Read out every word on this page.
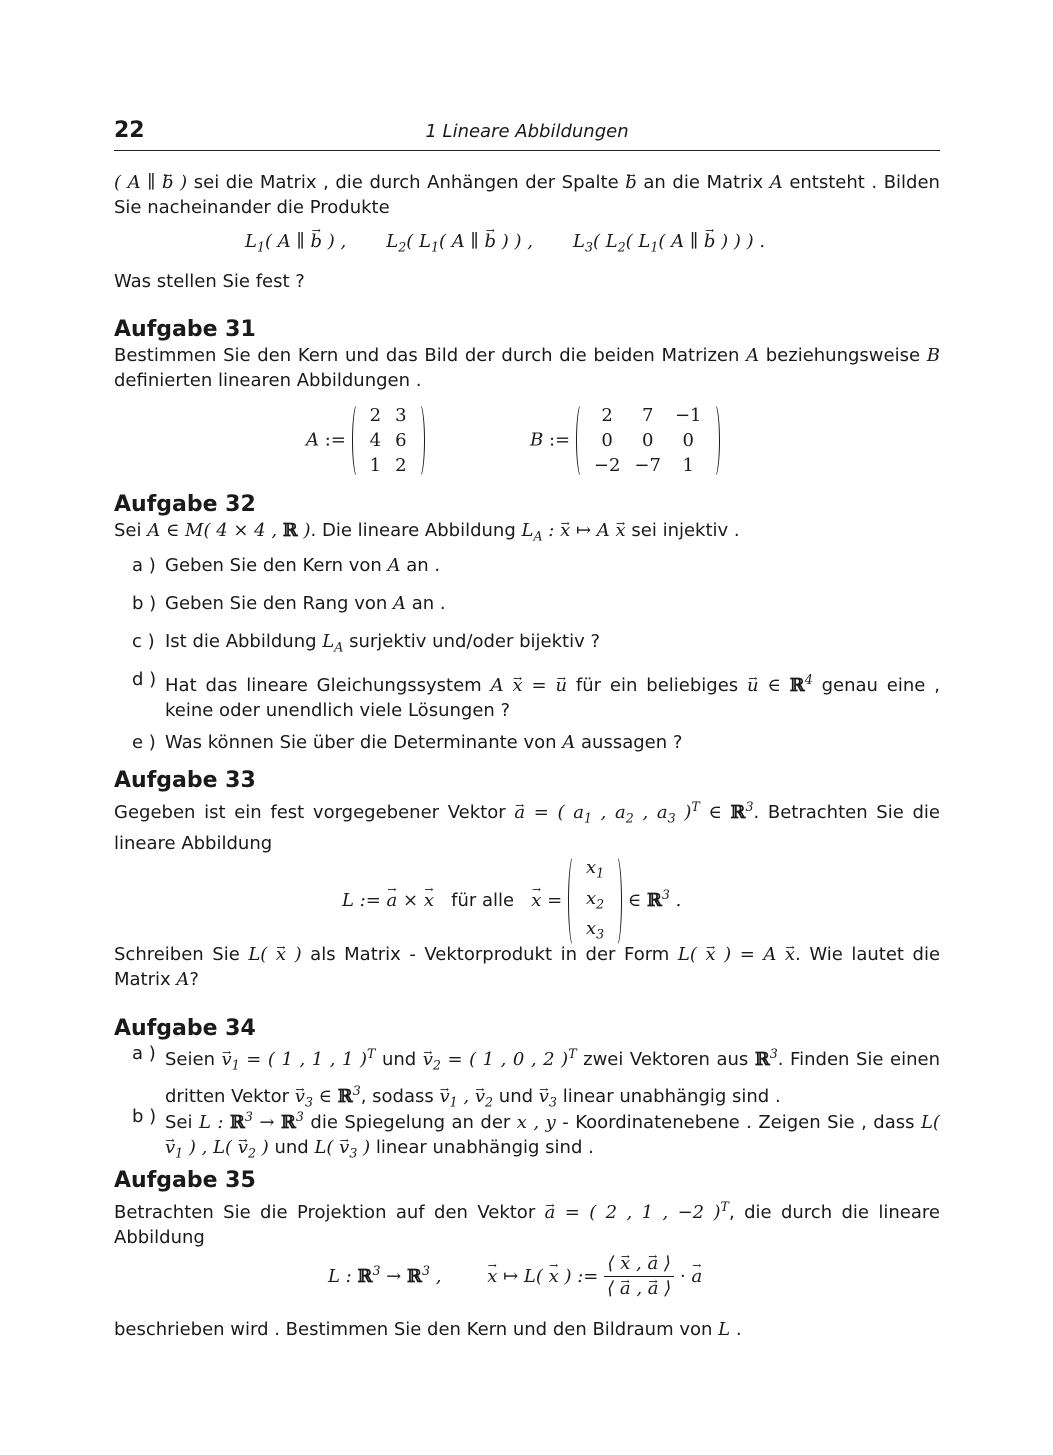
22	1 Lineare Abbildungen
( A ∥ → b ) sei die Matrix , die durch Anhängen der Spalte → b an die Matrix A entsteht . Bilden Sie nacheinander die Produkte
$L_1$( A ∥ → b ) ,       $L_2$( $L_1$( A ∥ → b ) ) ,       $L_3$( $L_2$( $L_1$( A ∥ → b ) ) ) .
Was stellen Sie fest ?
Aufgabe 31
Bestimmen Sie den Kern und das Bild der durch die beiden Matrizen A beziehungsweise B definierten linearen Abbildungen .
A :=
2	3
4	6
1	2
B :=
2	7	−1
0	0	0
−2	−7	1
Aufgabe 32
Sei A ∈ M( 4 × 4 , ℝ ). Die lineare Abbildung $L_A$ : → x ↦ A → x sei injektiv .
a ) Geben Sie den Kern von A an .
b ) Geben Sie den Rang von A an .
c ) Ist die Abbildung $L_A$ surjektiv und/oder bijektiv ?
d ) Hat das lineare Gleichungssystem A → x = → u für ein beliebiges → u ∈ ℝ$^4$ genau eine , keine oder unendlich viele Lösungen ?
e ) Was können Sie über die Determinante von A aussagen ?
Aufgabe 33
Gegeben ist ein fest vorgegebener Vektor → a = ( $a_1$ , $a_2$ , $a_3$ )$^T$ ∈ ℝ$^3$. Betrachten Sie die lineare Abbildung
L := → a × → x für alle → x =
$x_1$
$x_2$
$x_3$
∈ ℝ$^3$ .
Schreiben Sie L( → x ) als Matrix - Vektorprodukt in der Form L( → x ) = A → x. Wie lautet die Matrix A?
Aufgabe 34
a ) Seien → $v_1$ = ( 1 , 1 , 1 )$^T$ und → $v_2$ = ( 1 , 0 , 2 )$^T$ zwei Vektoren aus ℝ$^3$. Finden Sie einen dritten Vektor → $v_3$ ∈ ℝ$^3$, sodass → $v_1$ , → $v_2$ und → $v_3$ linear unabhängig sind .
b ) Sei L : ℝ$^3$ → ℝ$^3$ die Spiegelung an der x , y - Koordinatenebene . Zeigen Sie , dass $L( \to v_1$ ) , $L( \to v_2$ ) und $L( \to v_3$ ) linear unabhängig sind .
Aufgabe 35
Betrachten Sie die Projektion auf den Vektor → a = ( 2 , 1 , −2 )$^T$, die durch die lineare Abbildung
L : ℝ$^3$ → ℝ$^3$ ,	→ x ↦ L( → x ) := $\frac{⟨ \to x , \to a ⟩}{⟨ \to a , \to a ⟩}$ · → a
beschrieben wird . Bestimmen Sie den Kern und den Bildraum von L .
